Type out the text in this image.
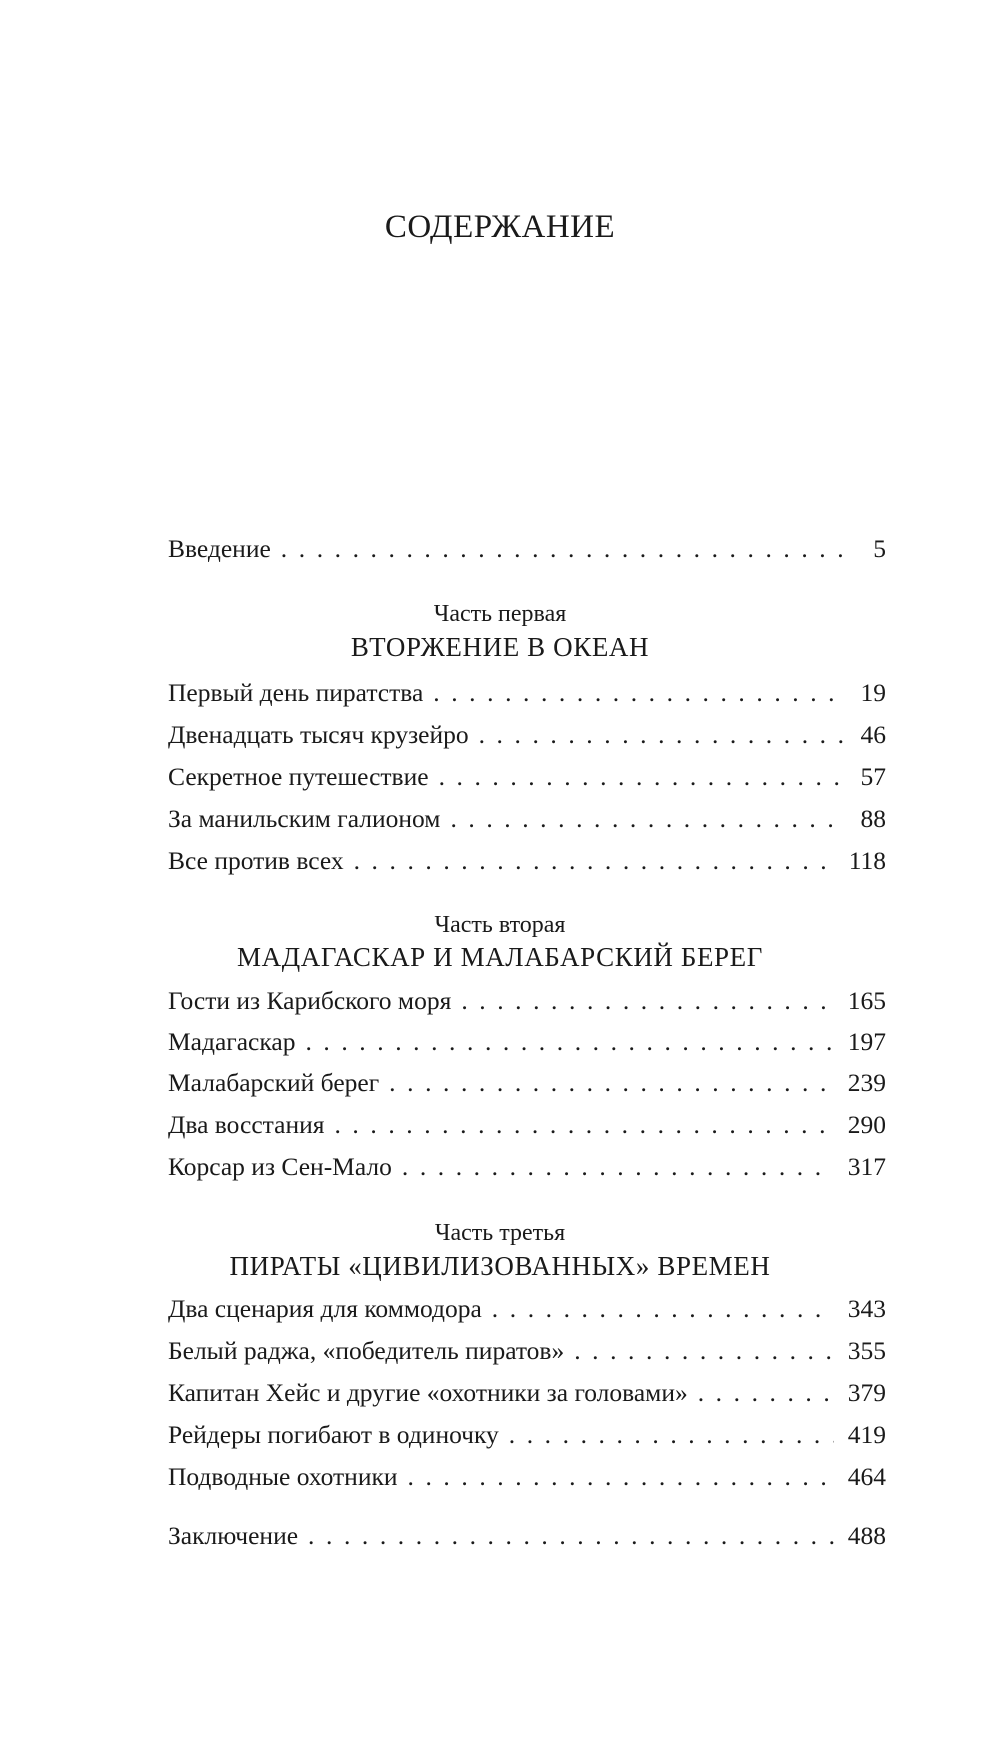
СОДЕРЖАНИЕ
Введение . . .	5
Первый день пиратства . . .	19
Двенадцать тысяч крузейро . . .	46
Секретное путешествие . . .	57
За манильским галионом . . .	88
Все против всех . . .	118
Гости из Карибского моря . . .	165
Мадагаскар . . .	197
Малабарский берег . . .	239
Два восстания . . .	290
Корсар из Сен-Мало . . .	317
Два сценария для коммодора . . .	343
Белый раджа, «победитель пиратов» . . .	355
Капитан Хейс и другие «охотники за головами» . . .	379
Рейдеры погибают в одиночку . . .	419
Подводные охотники . . .	464
Заключение . . .	488
Часть первая
ВТОРЖЕНИЕ В ОКЕАН
Часть вторая
МАДАГАСКАР И МАЛАБАРСКИЙ БЕРЕГ
Часть третья
ПИРАТЫ «ЦИВИЛИЗОВАННЫХ» ВРЕМЕН
